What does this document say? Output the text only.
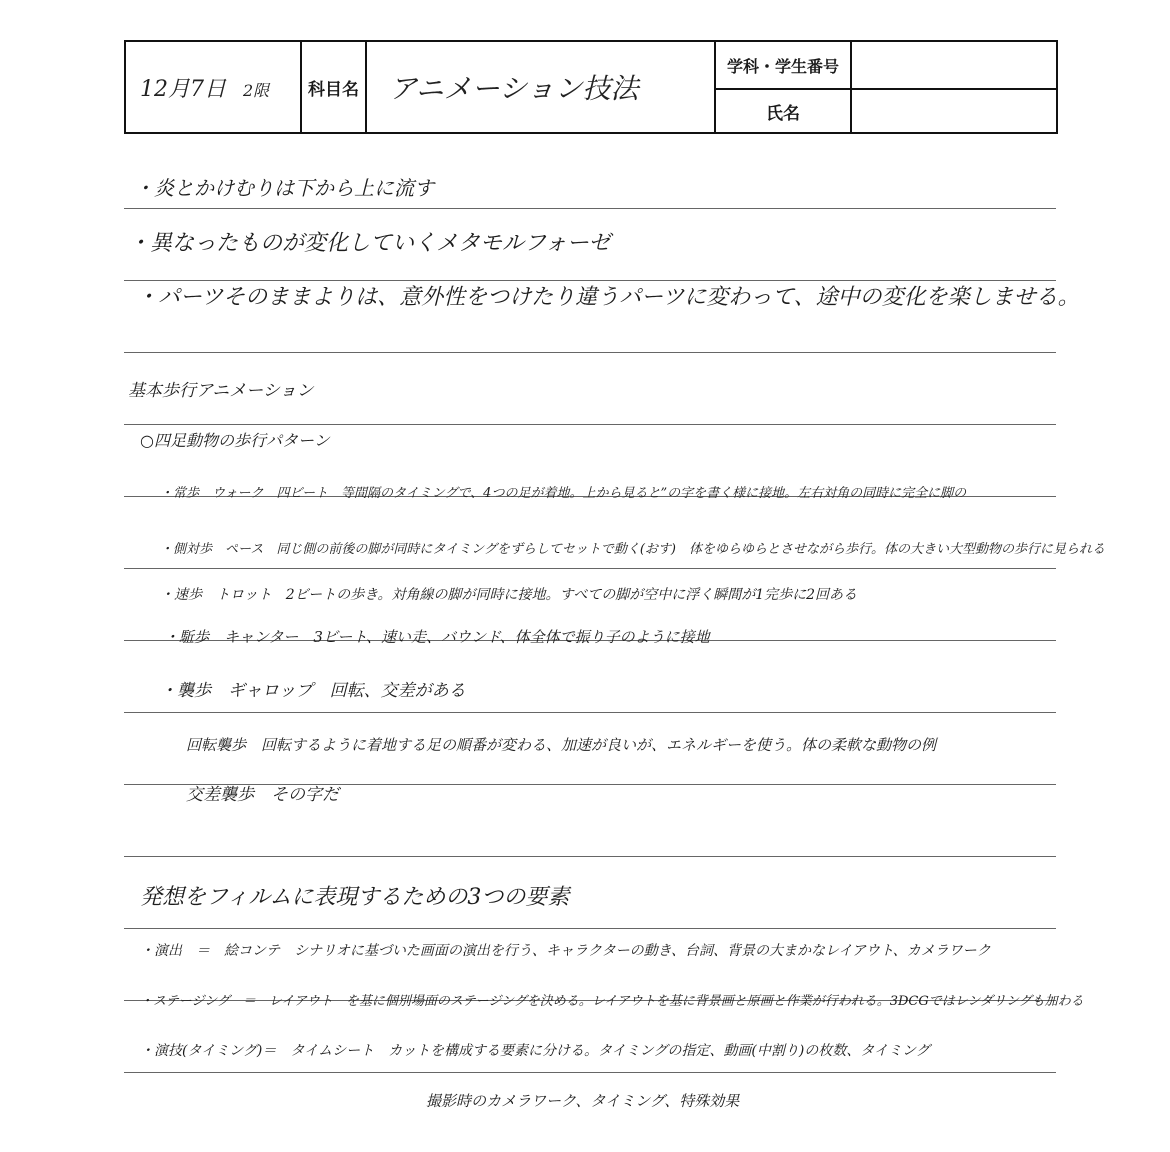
12月7日 2限	科目名	アニメーション技法	学科・学生番号	
			氏名	
・炎とかけむりは下から上に流す
・異なったものが変化していくメタモルフォーゼ
・パーツそのままよりは、意外性をつけたり違うパーツに変わって、途中の変化を楽しませる。
基本歩行アニメーション
○四足動物の歩行パターン
・常歩　ウォーク　四ビート　等間隔のタイミングで、4つの足が着地。上から見ると”の字を書く様に接地。左右対角の同時に完全に脚の
・側対歩　ペース　同じ側の前後の脚が同時にタイミングをずらしてセットで動く(おす)　体をゆらゆらとさせながら歩行。体の大きい大型動物の歩行に見られる　
・速歩　トロット　2ビートの歩き。対角線の脚が同時に接地。すべての脚が空中に浮く瞬間が1完歩に2回ある
・駈歩　キャンター　3ビート、速い走、バウンド、体全体で振り子のように接地
・襲歩　ギャロップ　回転、交差がある
回転襲歩　回転するように着地する足の順番が変わる、加速が良いが、エネルギーを使う。体の柔軟な動物の例
交差襲歩　その字だ
発想をフィルムに表現するための3つの要素
・演出　＝　絵コンテ　シナリオに基づいた画面の演出を行う、キャラクターの動き、台詞、背景の大まかなレイアウト、カメラワーク
・ステージング　＝　レイアウト　を基に個別場面のステージングを決める。レイアウトを基に背景画と原画と作業が行われる。3DCGではレンダリングも加わる
・演技(タイミング)＝　タイムシート　カットを構成する要素に分ける。タイミングの指定、動画(中割り)の枚数、タイミング
撮影時のカメラワーク、タイミング、特殊効果
